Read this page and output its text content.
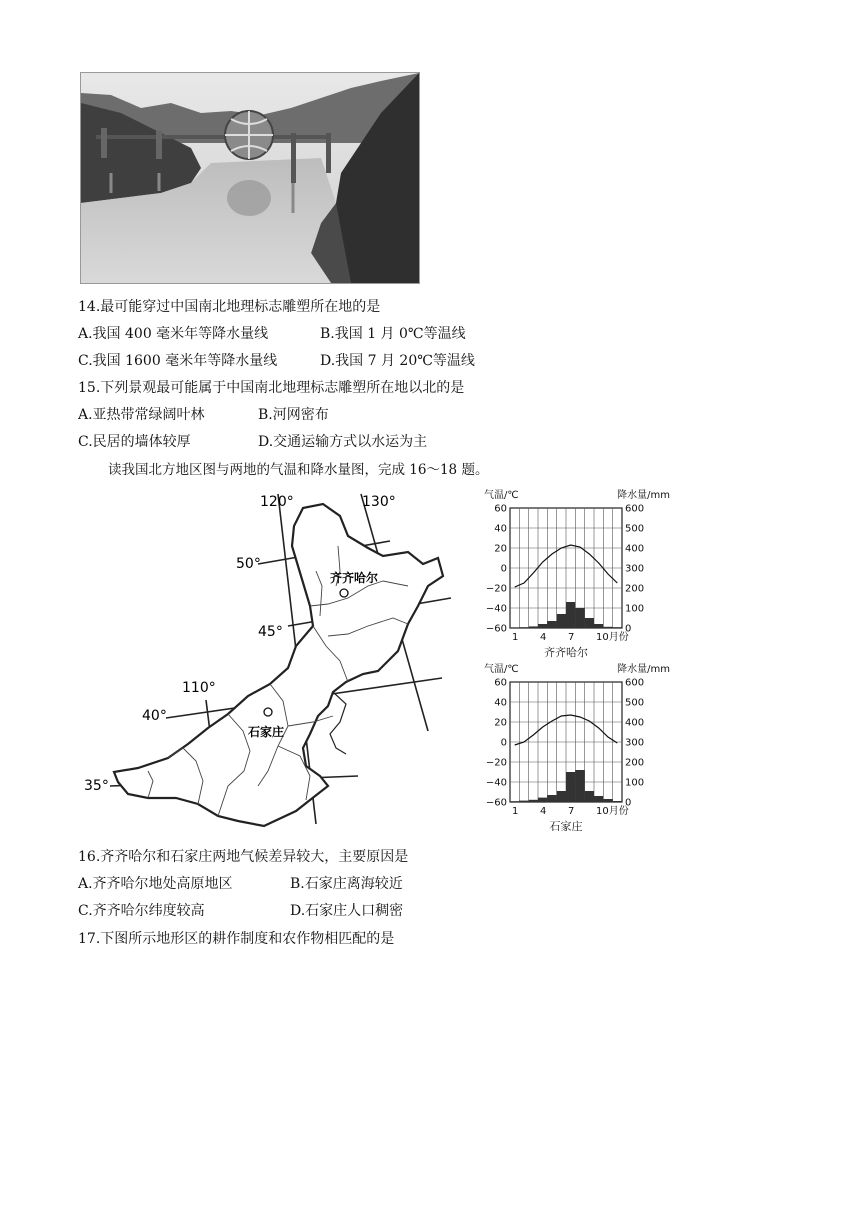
14.最可能穿过中国南北地理标志雕塑所在地的是
A.我国 400 毫米年等降水量线	B.我国 1 月 0℃等温线
C.我国 1600 毫米年等降水量线	D.我国 7 月 20℃等温线
15.下列景观最可能属于中国南北地理标志雕塑所在地以北的是
A.亚热带常绿阔叶林	B.河网密布
C.民居的墙体较厚	D.交通运输方式以水运为主
读我国北方地区图与两地的气温和降水量图，完成 16～18 题。
120°	130°
110°
50°
45°
40°
35°
齐齐哈尔
石家庄
气温/℃	降水量/mm
60
40
20
0
−20
−40
−60
600
500
400
300
200
100
0
1 4 7 10月份
齐齐哈尔
气温/℃	降水量/mm
60
40
20
0
−20
−40
−60
600
500
400
300
200
100
0
1 4 7 10月份
石家庄
16.齐齐哈尔和石家庄两地气候差异较大，主要原因是
A.齐齐哈尔地处高原地区	B.石家庄离海较近
C.齐齐哈尔纬度较高	D.石家庄人口稠密
17.下图所示地形区的耕作制度和农作物相匹配的是
